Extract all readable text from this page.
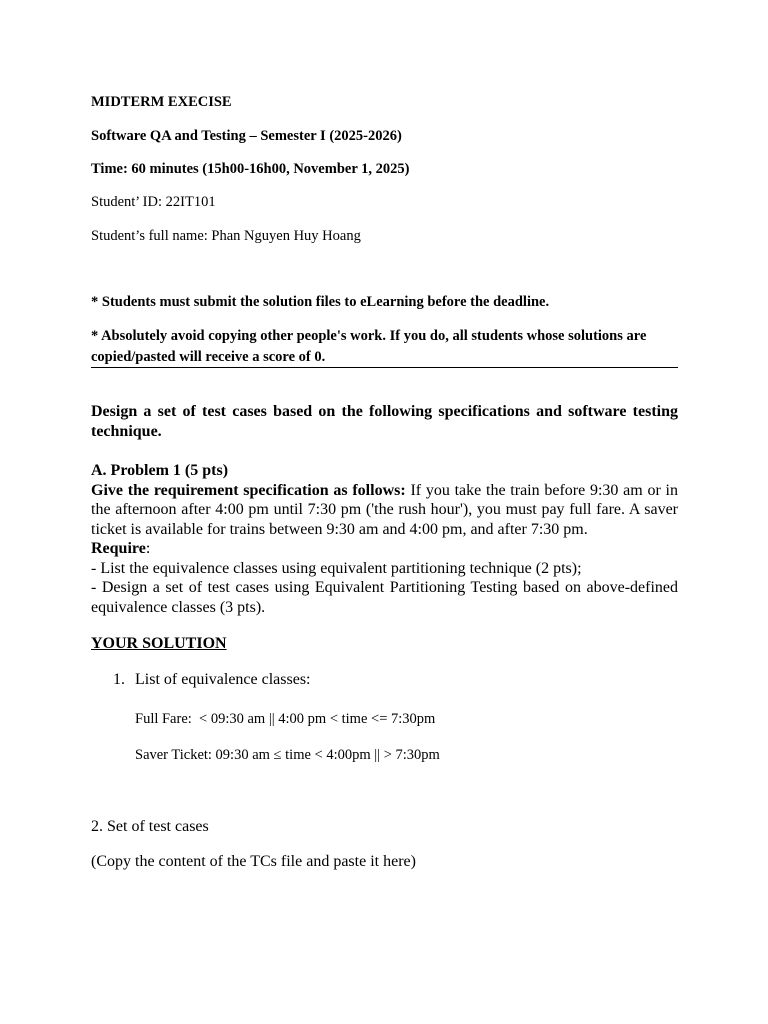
MIDTERM EXECISE
Software QA and Testing – Semester I (2025-2026)
Time: 60 minutes (15h00-16h00, November 1, 2025)
Student’ ID: 22IT101
Student’s full name: Phan Nguyen Huy Hoang
* Students must submit the solution files to eLearning before the deadline.
* Absolutely avoid copying other people's work. If you do, all students whose solutions are copied/pasted will receive a score of 0.
Design a set of test cases based on the following specifications and software testing technique.
A. Problem 1 (5 pts)
Give the requirement specification as follows: If you take the train before 9:30 am or in the afternoon after 4:00 pm until 7:30 pm ('the rush hour'), you must pay full fare. A saver ticket is available for trains between 9:30 am and 4:00 pm, and after 7:30 pm.
Require:
- List the equivalence classes using equivalent partitioning technique (2 pts);
- Design a set of test cases using Equivalent Partitioning Testing based on above-defined equivalence classes (3 pts).
YOUR SOLUTION
1. List of equivalence classes:
Full Fare:  < 09:30 am || 4:00 pm < time <= 7:30pm
Saver Ticket: 09:30 am ≤ time < 4:00pm || > 7:30pm
2. Set of test cases
(Copy the content of the TCs file and paste it here)
